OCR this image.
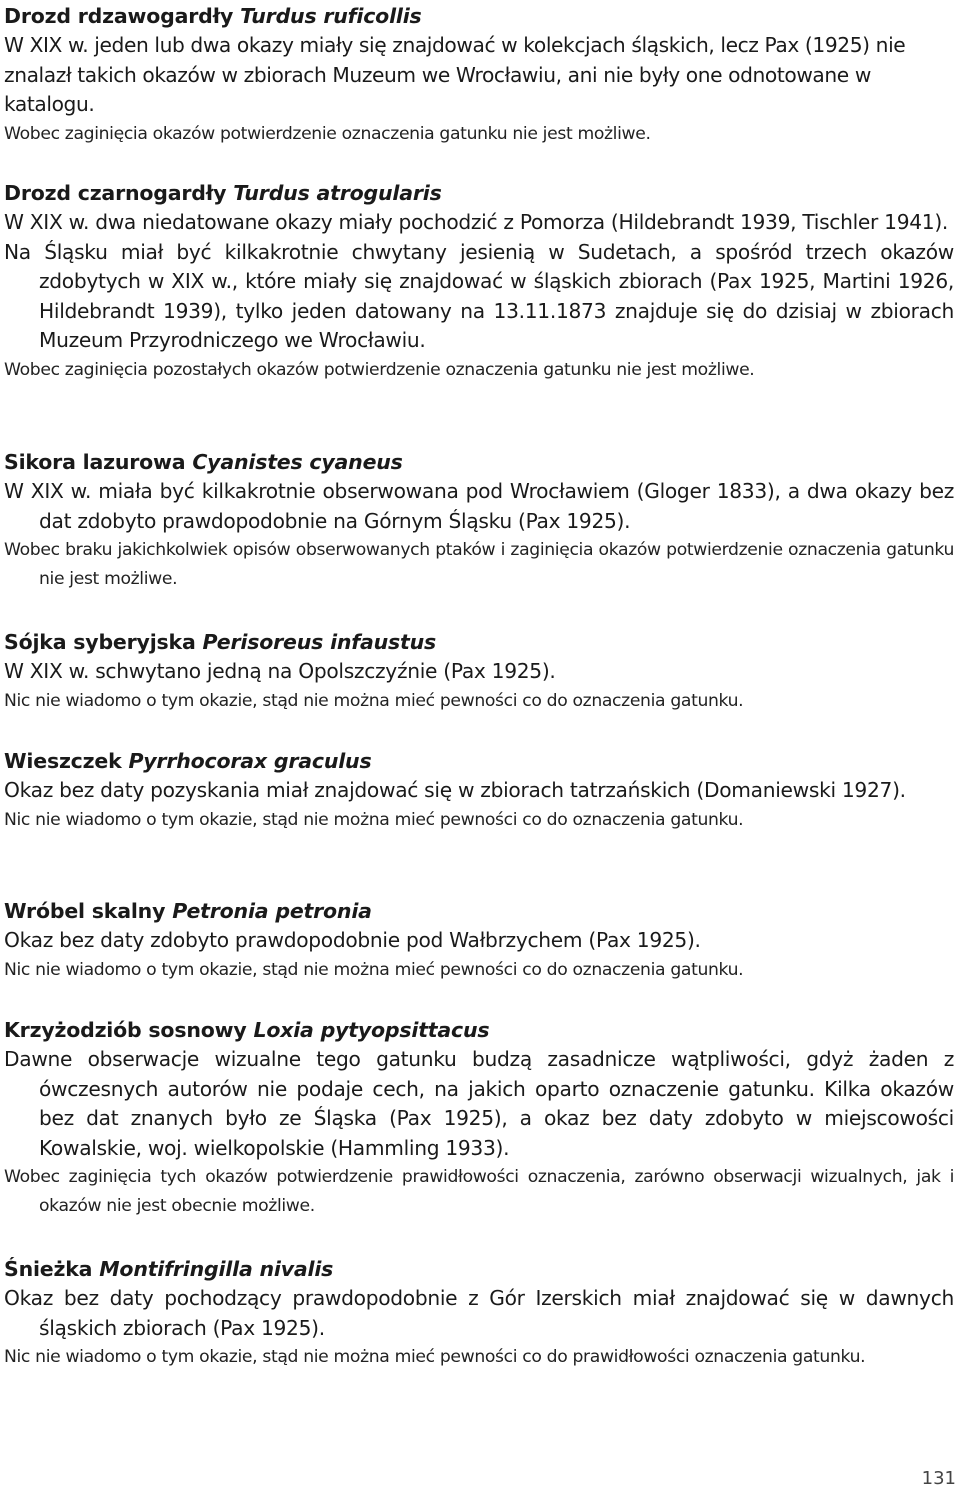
Drozd rdzawogardły Turdus ruficollis

W XIX w. jeden lub dwa okazy miały się znajdować w kolekcjach śląskich, lecz Pax (1925) nie znalazł takich okazów w zbiorach Muzeum we Wrocławiu, ani nie były one odnotowane w katalogu.

Wobec zaginięcia okazów potwierdzenie oznaczenia gatunku nie jest możliwe.

Drozd czarnogardły Turdus atrogularis

W XIX w. dwa niedatowane okazy miały pochodzić z Pomorza (Hildebrandt 1939, Tischler 1941).

Na Śląsku miał być kilkakrotnie chwytany jesienią w Sudetach, a spośród trzech okazów zdobytych w XIX w., które miały się znajdować w śląskich zbiorach (Pax 1925, Martini 1926, Hildebrandt 1939), tylko jeden datowany na 13.11.1873 znajduje się do dzisiaj w zbiorach Muzeum Przyrodniczego we Wrocławiu.

Wobec zaginięcia pozostałych okazów potwierdzenie oznaczenia gatunku nie jest możliwe.

Sikora lazurowa Cyanistes cyaneus

W XIX w. miała być kilkakrotnie obserwowana pod Wrocławiem (Gloger 1833), a dwa okazy bez dat zdobyto prawdopodobnie na Górnym Śląsku (Pax 1925).

Wobec braku jakichkolwiek opisów obserwowanych ptaków i zaginięcia okazów potwierdzenie oznaczenia gatunku nie jest możliwe.

Sójka syberyjska Perisoreus infaustus

W XIX w. schwytano jedną na Opolszczyźnie (Pax 1925).

Nic nie wiadomo o tym okazie, stąd nie można mieć pewności co do oznaczenia gatunku.

Wieszczek Pyrrhocorax graculus

Okaz bez daty pozyskania miał znajdować się w zbiorach tatrzańskich (Domaniewski 1927).

Nic nie wiadomo o tym okazie, stąd nie można mieć pewności co do oznaczenia gatunku.

Wróbel skalny Petronia petronia

Okaz bez daty zdobyto prawdopodobnie pod Wałbrzychem (Pax 1925).

Nic nie wiadomo o tym okazie, stąd nie można mieć pewności co do oznaczenia gatunku.

Krzyżodziób sosnowy Loxia pytyopsittacus

Dawne obserwacje wizualne tego gatunku budzą zasadnicze wątpliwości, gdyż żaden z ówczesnych autorów nie podaje cech, na jakich oparto oznaczenie gatunku. Kilka okazów bez dat znanych było ze Śląska (Pax 1925), a okaz bez daty zdobyto w miejscowości Kowalskie, woj. wielkopolskie (Hammling 1933).

Wobec zaginięcia tych okazów potwierdzenie prawidłowości oznaczenia, zarówno obserwacji wizualnych, jak i okazów nie jest obecnie możliwe.

Śnieżka Montifringilla nivalis

Okaz bez daty pochodzący prawdopodobnie z Gór Izerskich miał znajdować się w dawnych śląskich zbiorach (Pax 1925).

Nic nie wiadomo o tym okazie, stąd nie można mieć pewności co do prawidłowości oznaczenia gatunku.

131
